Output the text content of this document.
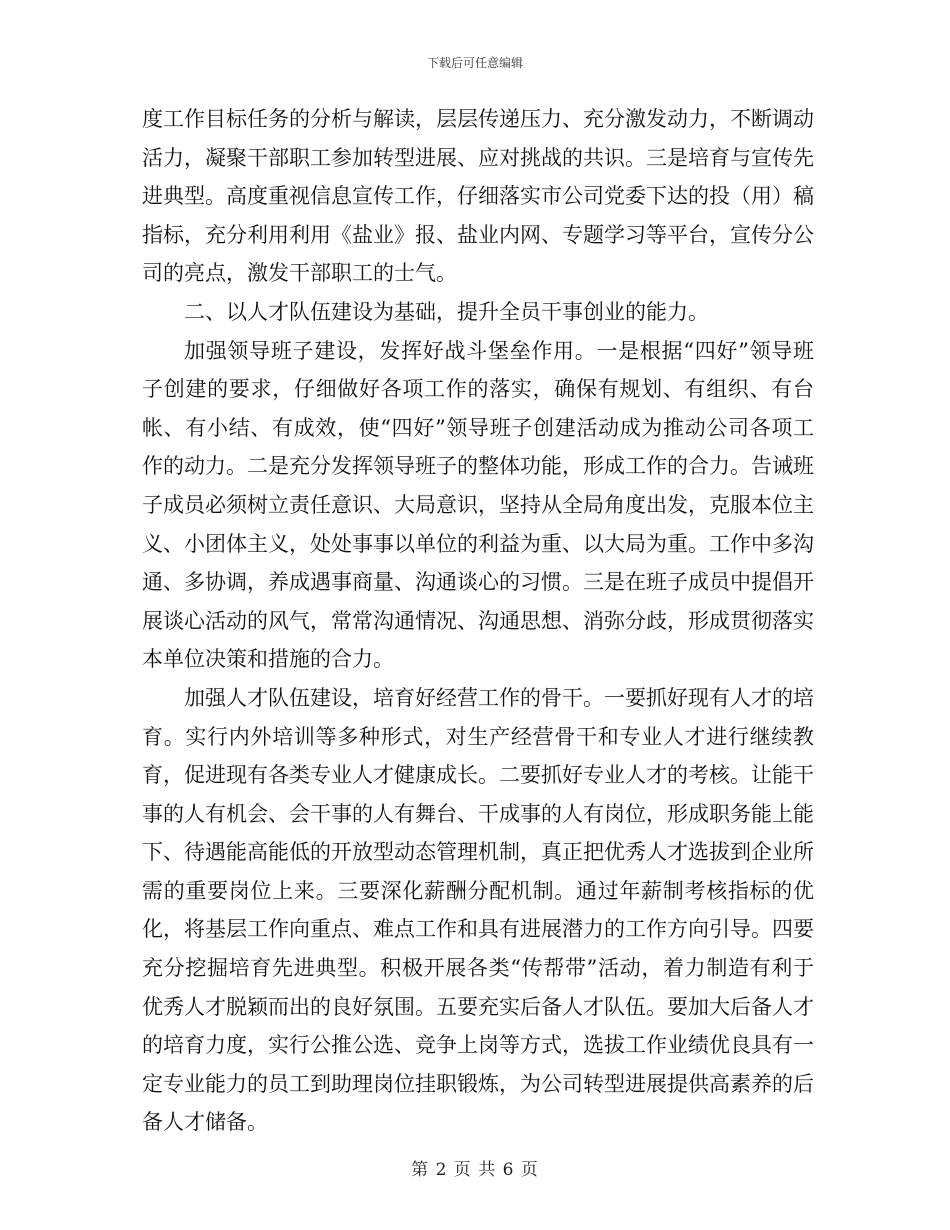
下载后可任意编辑

度工作目标任务的分析与解读，层层传递压力、充分激发动力，不断调动活力，凝聚干部职工参加转型进展、应对挑战的共识。三是培育与宣传先进典型。高度重视信息宣传工作，仔细落实市公司党委下达的投（用）稿指标，充分利用利用《盐业》报、盐业内网、专题学习等平台，宣传分公司的亮点，激发干部职工的士气。

二、以人才队伍建设为基础，提升全员干事创业的能力。

加强领导班子建设，发挥好战斗堡垒作用。一是根据“四好”领导班子创建的要求，仔细做好各项工作的落实，确保有规划、有组织、有台帐、有小结、有成效，使“四好”领导班子创建活动成为推动公司各项工作的动力。二是充分发挥领导班子的整体功能，形成工作的合力。告诫班子成员必须树立责任意识、大局意识，坚持从全局角度出发，克服本位主义、小团体主义，处处事事以单位的利益为重、以大局为重。工作中多沟通、多协调，养成遇事商量、沟通谈心的习惯。三是在班子成员中提倡开展谈心活动的风气，常常沟通情况、沟通思想、消弥分歧，形成贯彻落实本单位决策和措施的合力。

加强人才队伍建设，培育好经营工作的骨干。一要抓好现有人才的培育。实行内外培训等多种形式，对生产经营骨干和专业人才进行继续教育，促进现有各类专业人才健康成长。二要抓好专业人才的考核。让能干事的人有机会、会干事的人有舞台、干成事的人有岗位，形成职务能上能下、待遇能高能低的开放型动态管理机制，真正把优秀人才选拔到企业所需的重要岗位上来。三要深化薪酬分配机制。通过年薪制考核指标的优化，将基层工作向重点、难点工作和具有进展潜力的工作方向引导。四要充分挖掘培育先进典型。积极开展各类“传帮带”活动，着力制造有利于优秀人才脱颖而出的良好氛围。五要充实后备人才队伍。要加大后备人才的培育力度，实行公推公选、竞争上岗等方式，选拔工作业绩优良具有一定专业能力的员工到助理岗位挂职锻炼，为公司转型进展提供高素养的后备人才储备。

第 2 页 共 6 页
